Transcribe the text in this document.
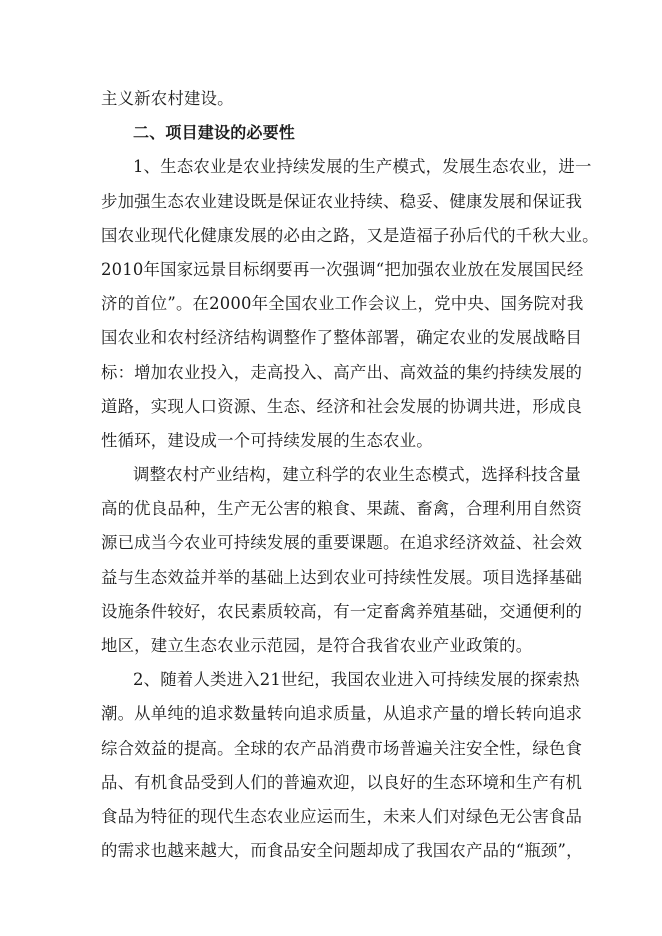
主义新农村建设。
二、项目建设的必要性
1、生态农业是农业持续发展的生产模式，发展生态农业，进一
步加强生态农业建设既是保证农业持续、稳妥、健康发展和保证我
国农业现代化健康发展的必由之路，又是造福子孙后代的千秋大业。
2010年国家远景目标纲要再一次强调“把加强农业放在发展国民经
济的首位”。在2000年全国农业工作会议上，党中央、国务院对我
国农业和农村经济结构调整作了整体部署，确定农业的发展战略目
标：增加农业投入，走高投入、高产出、高效益的集约持续发展的
道路，实现人口资源、生态、经济和社会发展的协调共进，形成良
性循环，建设成一个可持续发展的生态农业。
调整农村产业结构，建立科学的农业生态模式，选择科技含量
高的优良品种，生产无公害的粮食、果蔬、畜禽，合理利用自然资
源已成当今农业可持续发展的重要课题。在追求经济效益、社会效
益与生态效益并举的基础上达到农业可持续性发展。项目选择基础
设施条件较好，农民素质较高，有一定畜禽养殖基础，交通便利的
地区，建立生态农业示范园，是符合我省农业产业政策的。
2、随着人类进入21世纪，我国农业进入可持续发展的探索热
潮。从单纯的追求数量转向追求质量，从追求产量的增长转向追求
综合效益的提高。全球的农产品消费市场普遍关注安全性，绿色食
品、有机食品受到人们的普遍欢迎，以良好的生态环境和生产有机
食品为特征的现代生态农业应运而生，未来人们对绿色无公害食品
的需求也越来越大，而食品安全问题却成了我国农产品的“瓶颈”，
